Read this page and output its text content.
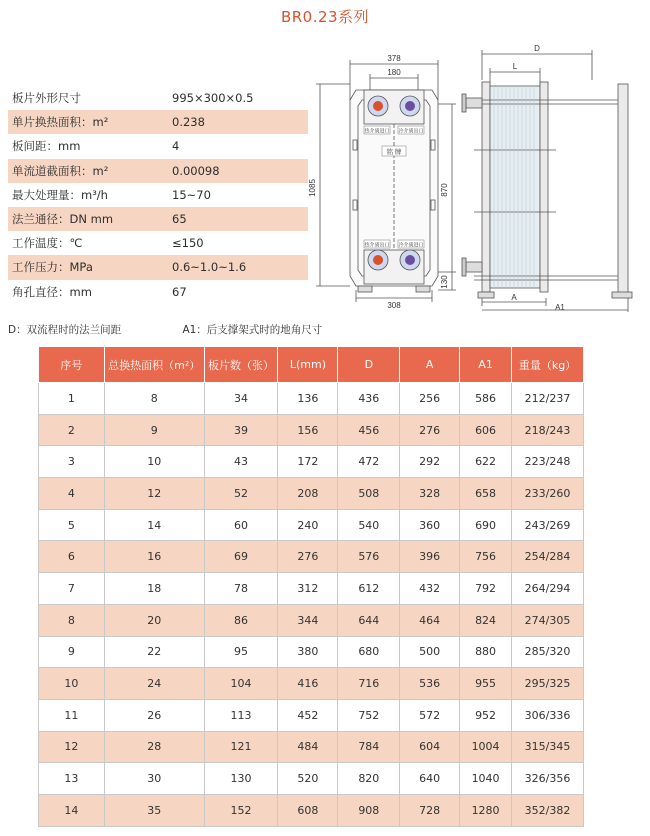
BR0.23系列
板片外形尺寸	995×300×0.5
单片换热面积：m²	0.238
板间距：mm	4
单流道截面积：m²	0.00098
最大处理量：m³/h	15~70
法兰通径：DN mm	65
工作温度：℃	≤150
工作压力：MPa	0.6~1.0~1.6
角孔直径：mm	67
热介质进口 冷介质出口
铭 牌
热介质出口 冷介质进口
378
180
1085	870
130
308
D
L
A
A1
D：双流程时的法兰间距	A1：后支撑架式时的地角尺寸
序号	总换热面积（m²）	板片数（张）	L(mm)	D	A	A1	重量（kg）
1	8	34	136	436	256	586	212/237
2	9	39	156	456	276	606	218/243
3	10	43	172	472	292	622	223/248
4	12	52	208	508	328	658	233/260
5	14	60	240	540	360	690	243/269
6	16	69	276	576	396	756	254/284
7	18	78	312	612	432	792	264/294
8	20	86	344	644	464	824	274/305
9	22	95	380	680	500	880	285/320
10	24	104	416	716	536	955	295/325
11	26	113	452	752	572	952	306/336
12	28	121	484	784	604	1004	315/345
13	30	130	520	820	640	1040	326/356
14	35	152	608	908	728	1280	352/382
